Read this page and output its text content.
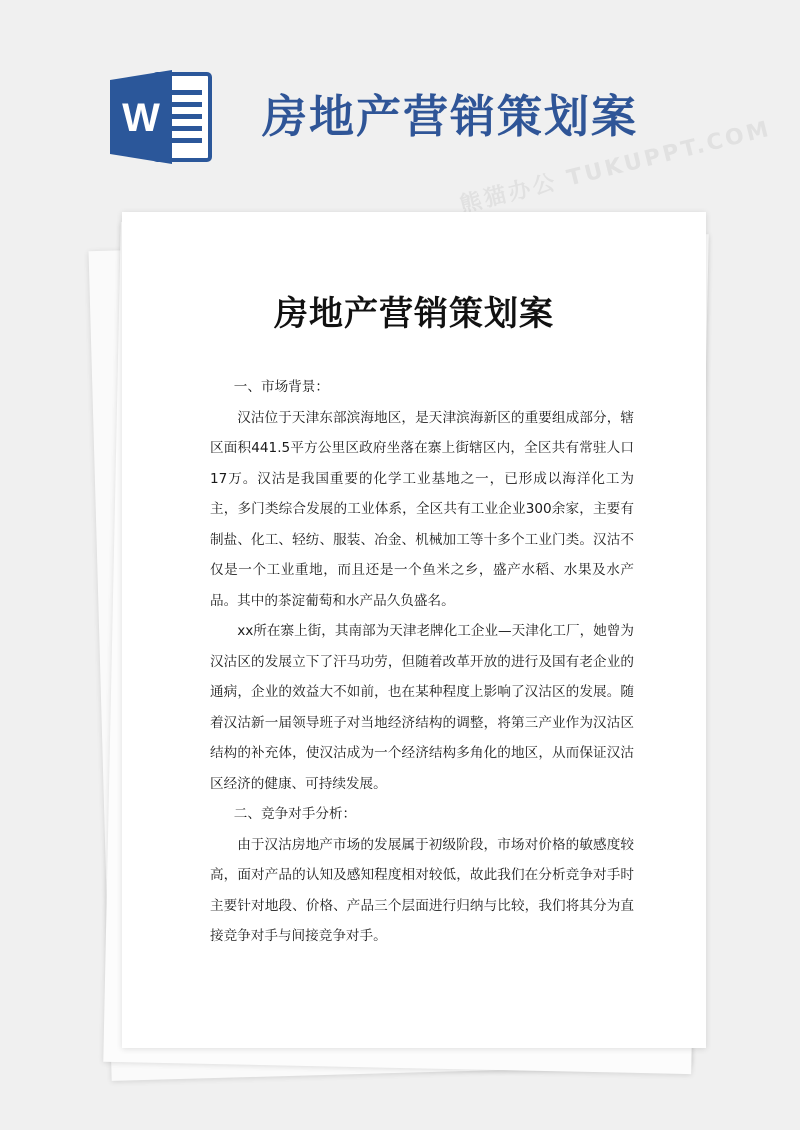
W 房地产营销策划案
熊猫办公 TUKUPPT.COM
房地产营销策划案

一、市场背景：

汉沽位于天津东部滨海地区，是天津滨海新区的重要组成部分，辖区面积441.5平方公里区政府坐落在寨上街辖区内，全区共有常驻人口17万。汉沽是我国重要的化学工业基地之一，已形成以海洋化工为主，多门类综合发展的工业体系，全区共有工业企业300余家，主要有制盐、化工、轻纺、服装、冶金、机械加工等十多个工业门类。汉沽不仅是一个工业重地，而且还是一个鱼米之乡，盛产水稻、水果及水产品。其中的茶淀葡萄和水产品久负盛名。

xx所在寨上街，其南部为天津老牌化工企业—天津化工厂，她曾为汉沽区的发展立下了汗马功劳，但随着改革开放的进行及国有老企业的通病，企业的效益大不如前，也在某种程度上影响了汉沽区的发展。随着汉沽新一届领导班子对当地经济结构的调整，将第三产业作为汉沽区结构的补充体，使汉沽成为一个经济结构多角化的地区，从而保证汉沽区经济的健康、可持续发展。

二、竞争对手分析：

由于汉沽房地产市场的发展属于初级阶段，市场对价格的敏感度较高，面对产品的认知及感知程度相对较低，故此我们在分析竞争对手时主要针对地段、价格、产品三个层面进行归纳与比较，我们将其分为直接竞争对手与间接竞争对手。
